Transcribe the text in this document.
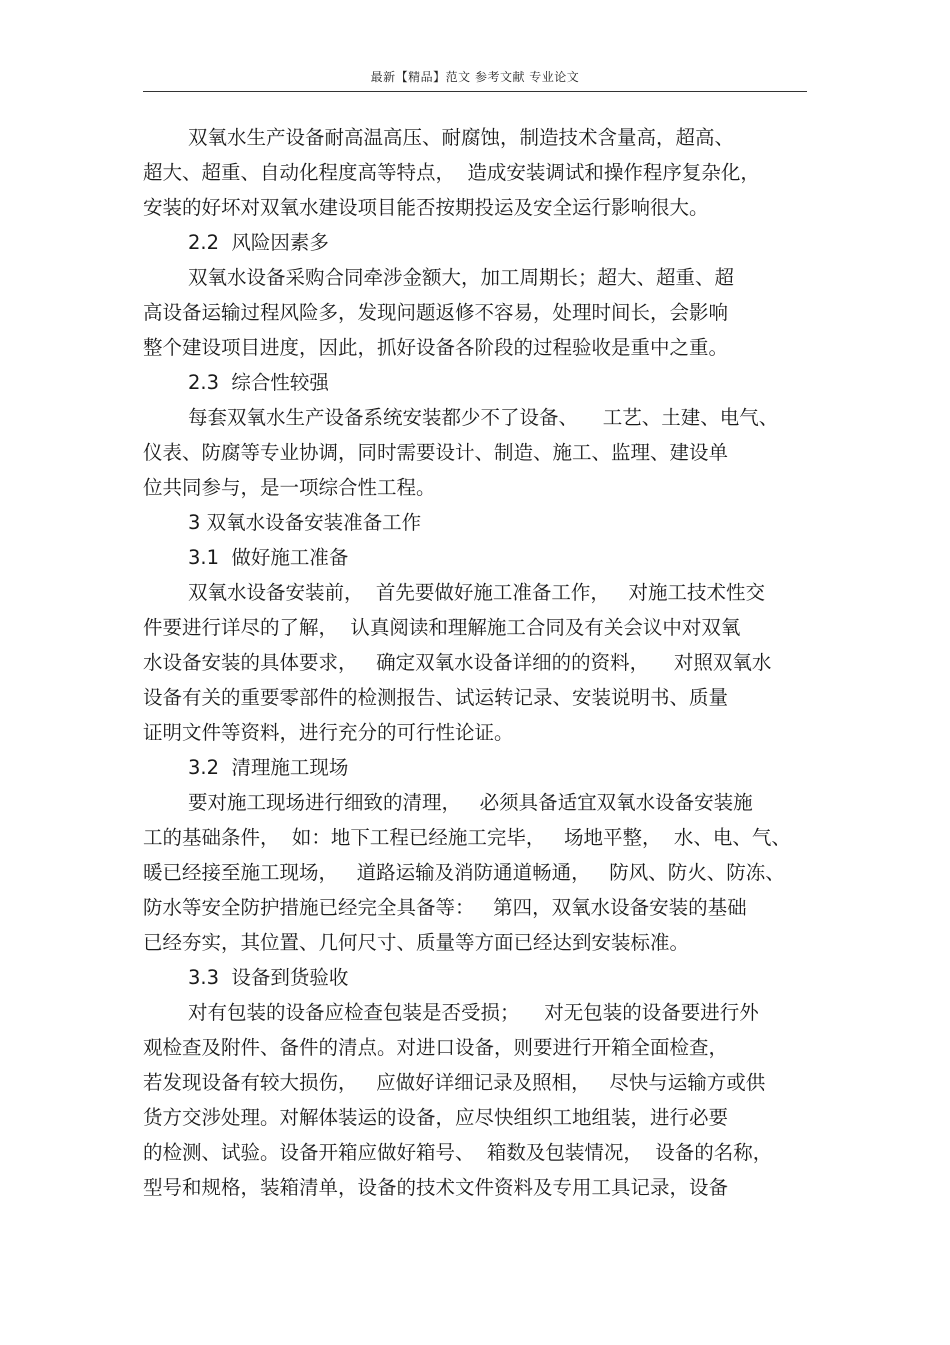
最新【精品】范文 参考文献 专业论文
双氧水生产设备耐高温高压、耐腐蚀，制造技术含量高，超高、
超大、超重、自动化程度高等特点，  造成安装调试和操作程序复杂化，
安装的好坏对双氧水建设项目能否按期投运及安全运行影响很大。
2.2  风险因素多
双氧水设备采购合同牵涉金额大，加工周期长；超大、超重、超
高设备运输过程风险多，发现问题返修不容易，处理时间长，会影响
整个建设项目进度，因此，抓好设备各阶段的过程验收是重中之重。
2.3  综合性较强
每套双氧水生产设备系统安装都少不了设备、    工艺、土建、电气、
仪表、防腐等专业协调，同时需要设计、制造、施工、监理、建设单
位共同参与，是一项综合性工程。
3 双氧水设备安装准备工作
3.1  做好施工准备
双氧水设备安装前，  首先要做好施工准备工作，   对施工技术性交
件要进行详尽的了解，  认真阅读和理解施工合同及有关会议中对双氧
水设备安装的具体要求，   确定双氧水设备详细的的资料，    对照双氧水
设备有关的重要零部件的检测报告、试运转记录、安装说明书、质量
证明文件等资料，进行充分的可行性论证。
3.2  清理施工现场
要对施工现场进行细致的清理，   必须具备适宜双氧水设备安装施
工的基础条件，  如：地下工程已经施工完毕，   场地平整，  水、电、气、
暖已经接至施工现场，   道路运输及消防通道畅通，   防风、防火、防冻、
防水等安全防护措施已经完全具备等：   第四，双氧水设备安装的基础
已经夯实，其位置、几何尺寸、质量等方面已经达到安装标准。
3.3  设备到货验收
对有包装的设备应检查包装是否受损；    对无包装的设备要进行外
观检查及附件、备件的清点。对进口设备，则要进行开箱全面检查，
若发现设备有较大损伤，   应做好详细记录及照相，   尽快与运输方或供
货方交涉处理。对解体装运的设备，应尽快组织工地组装，进行必要
的检测、试验。设备开箱应做好箱号、  箱数及包装情况，  设备的名称，
型号和规格，装箱清单，设备的技术文件资料及专用工具记录，设备
